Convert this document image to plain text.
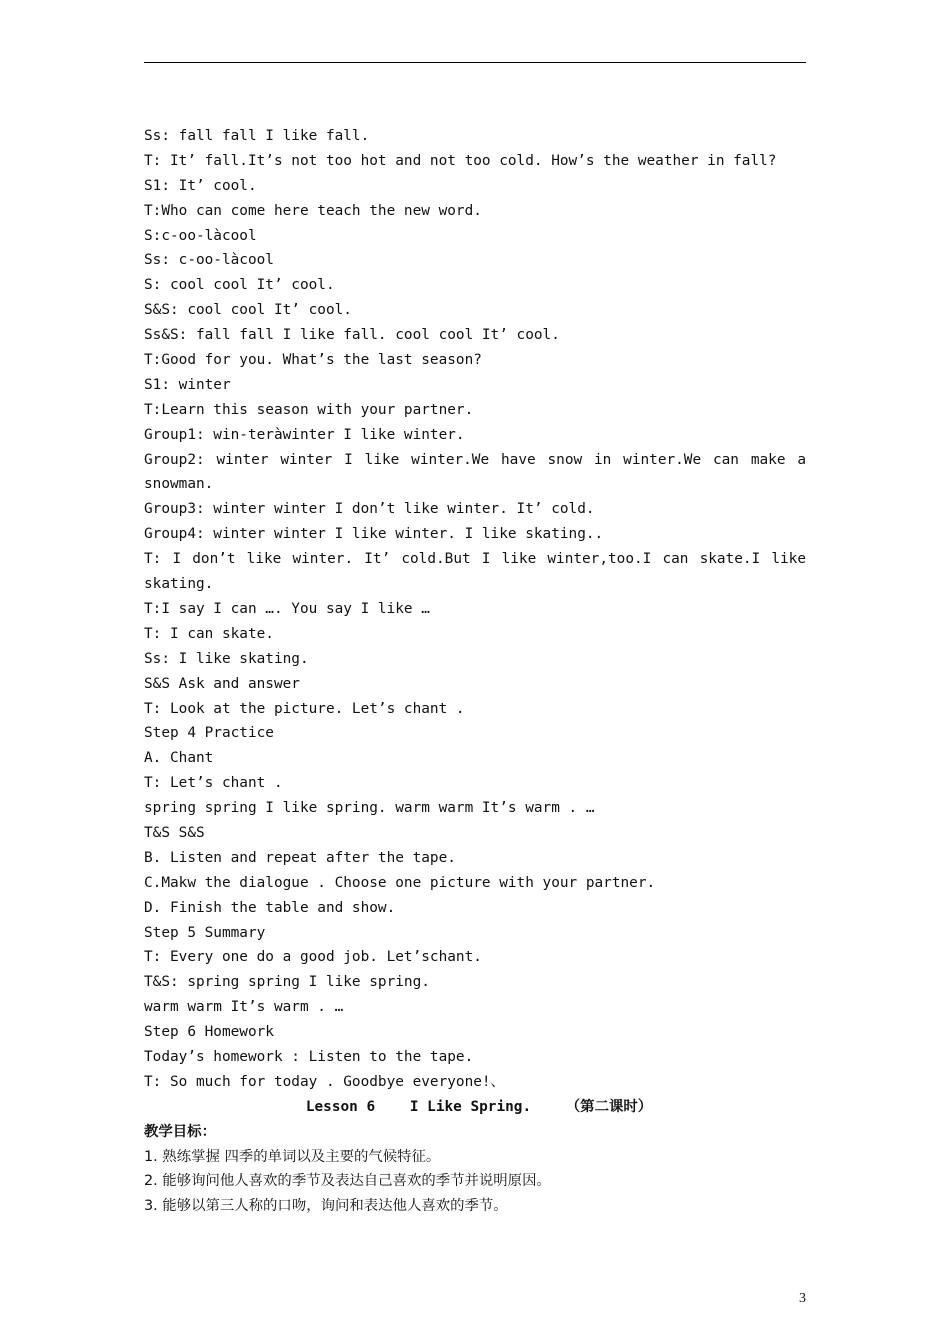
Ss: fall fall I like fall.
T: It’ fall.It’s not too hot and not too cold. How’s the weather in fall?
S1: It’ cool.
T:Who can come here teach the new word.
S:c-oo-làcool
Ss: c-oo-làcool
S: cool cool It’ cool.
S&S: cool cool It’ cool.
Ss&S: fall fall I like fall. cool cool It’ cool.
T:Good for you. What’s the last season?
S1: winter
T:Learn this season with your partner.
Group1: win-teràwinter I like winter.
Group2: winter winter I like winter.We have snow in winter.We can make a
snowman.
Group3: winter winter I don’t like winter. It’ cold.
Group4: winter winter I like winter. I like skating..
T: I don’t like winter. It’ cold.But I like winter,too.I can skate.I like
skating.
T:I say I can …. You say I like …
T: I can skate.
Ss: I like skating.
S&S Ask and answer
T: Look at the picture. Let’s chant .
Step 4 Practice
A. Chant
T: Let’s chant .
spring spring I like spring. warm warm It’s warm . …
T&S S&S
B. Listen and repeat after the tape.
C.Makw the dialogue . Choose one picture with your partner.
D. Finish the table and show.
Step 5 Summary
T: Every one do a good job. Let’schant.
T&S: spring spring I like spring.
warm warm It’s warm . …
Step 6 Homework
Today’s homework : Listen to the tape.
T: So much for today . Goodbye everyone!、
Lesson 6    I Like Spring.    （第二课时）
教学目标：
1. 熟练掌握 四季的单词以及主要的气候特征。
2. 能够询问他人喜欢的季节及表达自己喜欢的季节并说明原因。
3. 能够以第三人称的口吻，询问和表达他人喜欢的季节。
3
